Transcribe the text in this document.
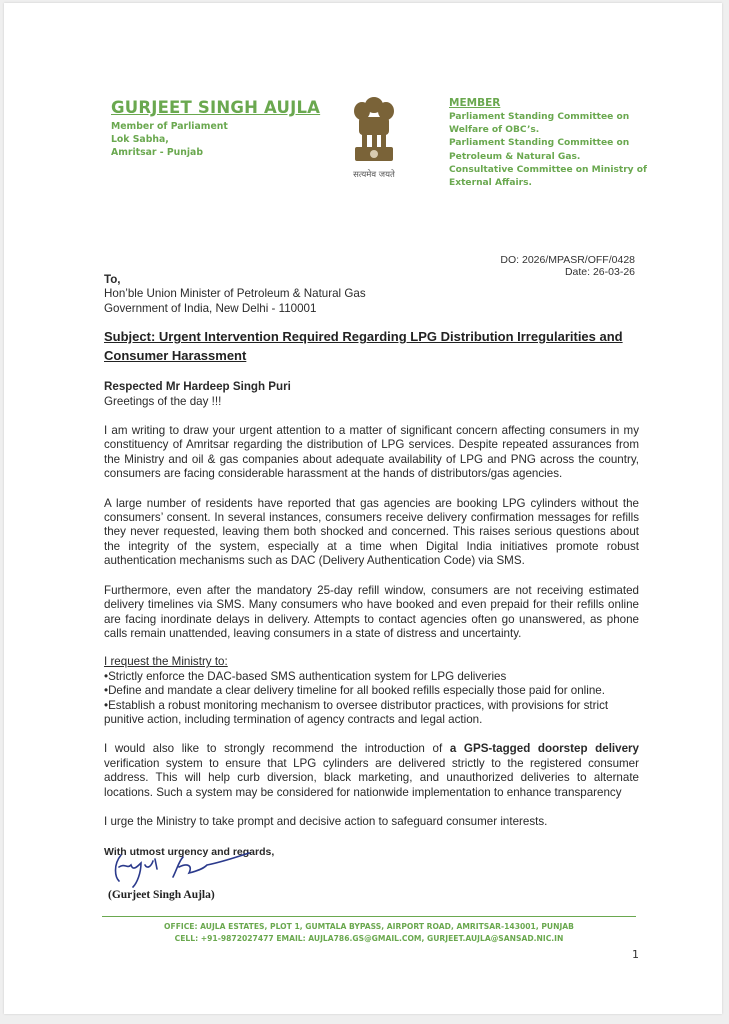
GURJEET SINGH AUJLA
Member of Parliament
Lok Sabha,
Amritsar - Punjab
सत्यमेव जयते
MEMBER
Parliament Standing Committee on
Welfare of OBC’s.
Parliament Standing Committee on
Petroleum & Natural Gas.
Consultative Committee on Ministry of
External Affairs.
DO: 2026/MPASR/OFF/0428
Date: 26-03-26
To,
Hon’ble Union Minister of Petroleum & Natural Gas
Government of India, New Delhi - 110001
Subject: Urgent Intervention Required Regarding LPG Distribution Irregularities and Consumer Harassment
Respected Mr Hardeep Singh Puri
Greetings of the day !!!

I am writing to draw your urgent attention to a matter of significant concern affecting consumers in my constituency of Amritsar regarding the distribution of LPG services. Despite repeated assurances from the Ministry and oil & gas companies about adequate availability of LPG and PNG across the country, consumers are facing considerable harassment at the hands of distributors/gas agencies.

A large number of residents have reported that gas agencies are booking LPG cylinders without the consumers’ consent. In several instances, consumers receive delivery confirmation messages for refills they never requested, leaving them both shocked and concerned. This raises serious questions about the integrity of the system, especially at a time when Digital India initiatives promote robust authentication mechanisms such as DAC (Delivery Authentication Code) via SMS.

Furthermore, even after the mandatory 25-day refill window, consumers are not receiving estimated delivery timelines via SMS. Many consumers who have booked and even prepaid for their refills online are facing inordinate delays in delivery. Attempts to contact agencies often go unanswered, as phone calls remain unattended, leaving consumers in a state of distress and uncertainty.

I request the Ministry to:
• Strictly enforce the DAC-based SMS authentication system for LPG deliveries
• Define and mandate a clear delivery timeline for all booked refills especially those paid for online.
• Establish a robust monitoring mechanism to oversee distributor practices, with provisions for strict punitive action, including termination of agency contracts and legal action.

I would also like to strongly recommend the introduction of a GPS-tagged doorstep delivery verification system to ensure that LPG cylinders are delivered strictly to the registered consumer address. This will help curb diversion, black marketing, and unauthorized deliveries to alternate locations. Such a system may be considered for nationwide implementation to enhance transparency

I urge the Ministry to take prompt and decisive action to safeguard consumer interests.

With utmost urgency and regards,
(Gurjeet Singh Aujla)
OFFICE: AUJLA ESTATES, PLOT 1, GUMTALA BYPASS, AIRPORT ROAD, AMRITSAR-143001, PUNJAB
CELL: +91-9872027477 EMAIL: AUJLA786.GS@GMAIL.COM, GURJEET.AUJLA@SANSAD.NIC.IN
1
